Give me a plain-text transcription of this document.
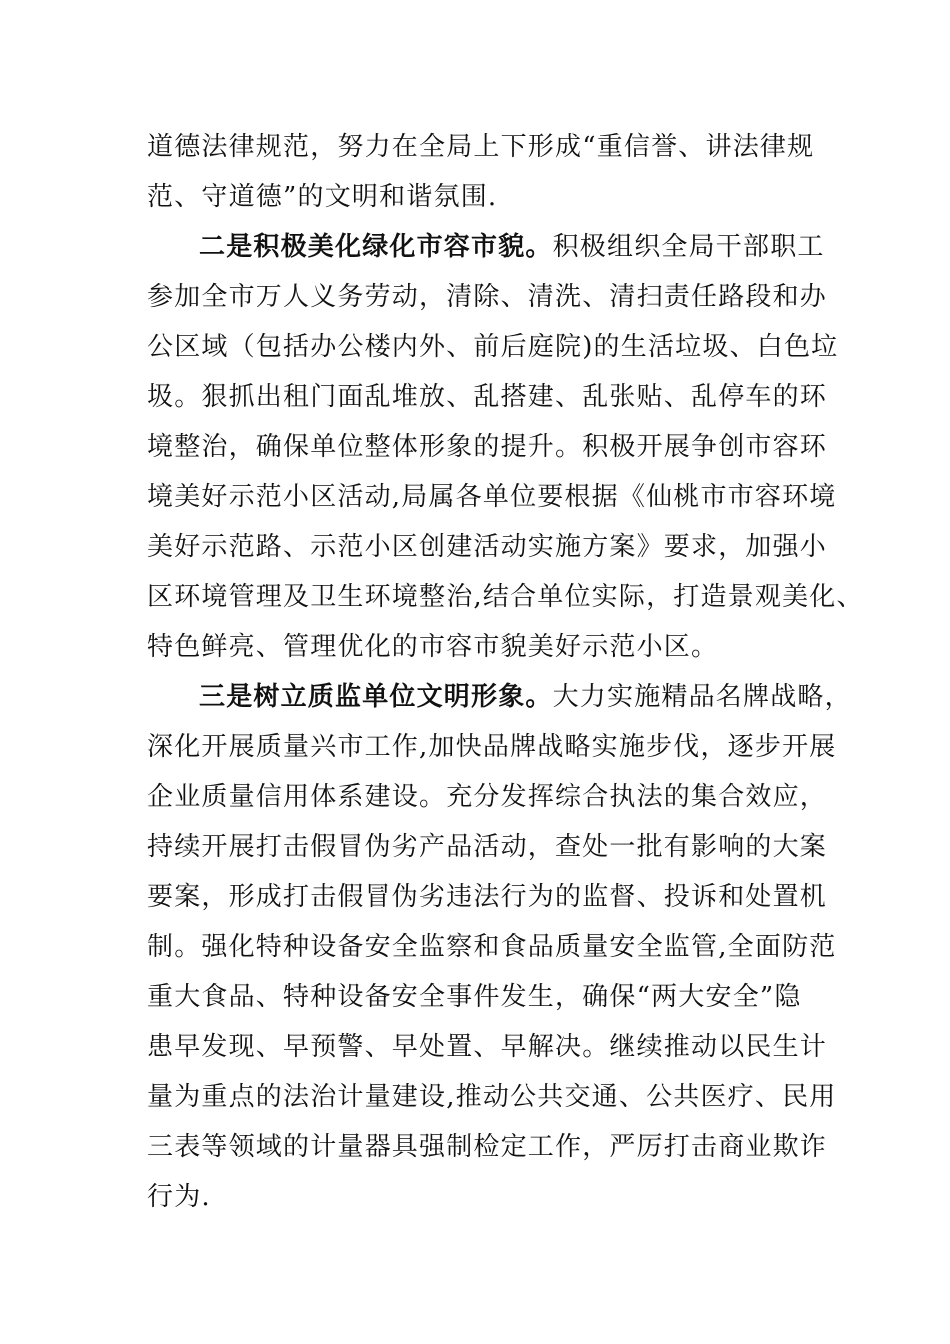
道德法律规范，努力在全局上下形成“重信誉、讲法律规
范、守道德”的文明和谐氛围.
二是积极美化绿化市容市貌。积极组织全局干部职工
参加全市万人义务劳动，清除、清洗、清扫责任路段和办
公区域（包括办公楼内外、前后庭院)的生活垃圾、白色垃
圾。狠抓出租门面乱堆放、乱搭建、乱张贴、乱停车的环
境整治，确保单位整体形象的提升。积极开展争创市容环
境美好示范小区活动,局属各单位要根据《仙桃市市容环境
美好示范路、示范小区创建活动实施方案》要求，加强小
区环境管理及卫生环境整治,结合单位实际，打造景观美化、
特色鲜亮、管理优化的市容市貌美好示范小区。
三是树立质监单位文明形象。大力实施精品名牌战略，
深化开展质量兴市工作,加快品牌战略实施步伐，逐步开展
企业质量信用体系建设。充分发挥综合执法的集合效应，
持续开展打击假冒伪劣产品活动，查处一批有影响的大案
要案，形成打击假冒伪劣违法行为的监督、投诉和处置机
制。强化特种设备安全监察和食品质量安全监管,全面防范
重大食品、特种设备安全事件发生，确保“两大安全”隐
患早发现、早预警、早处置、早解决。继续推动以民生计
量为重点的法治计量建设,推动公共交通、公共医疗、民用
三表等领域的计量器具强制检定工作，严厉打击商业欺诈
行为.
